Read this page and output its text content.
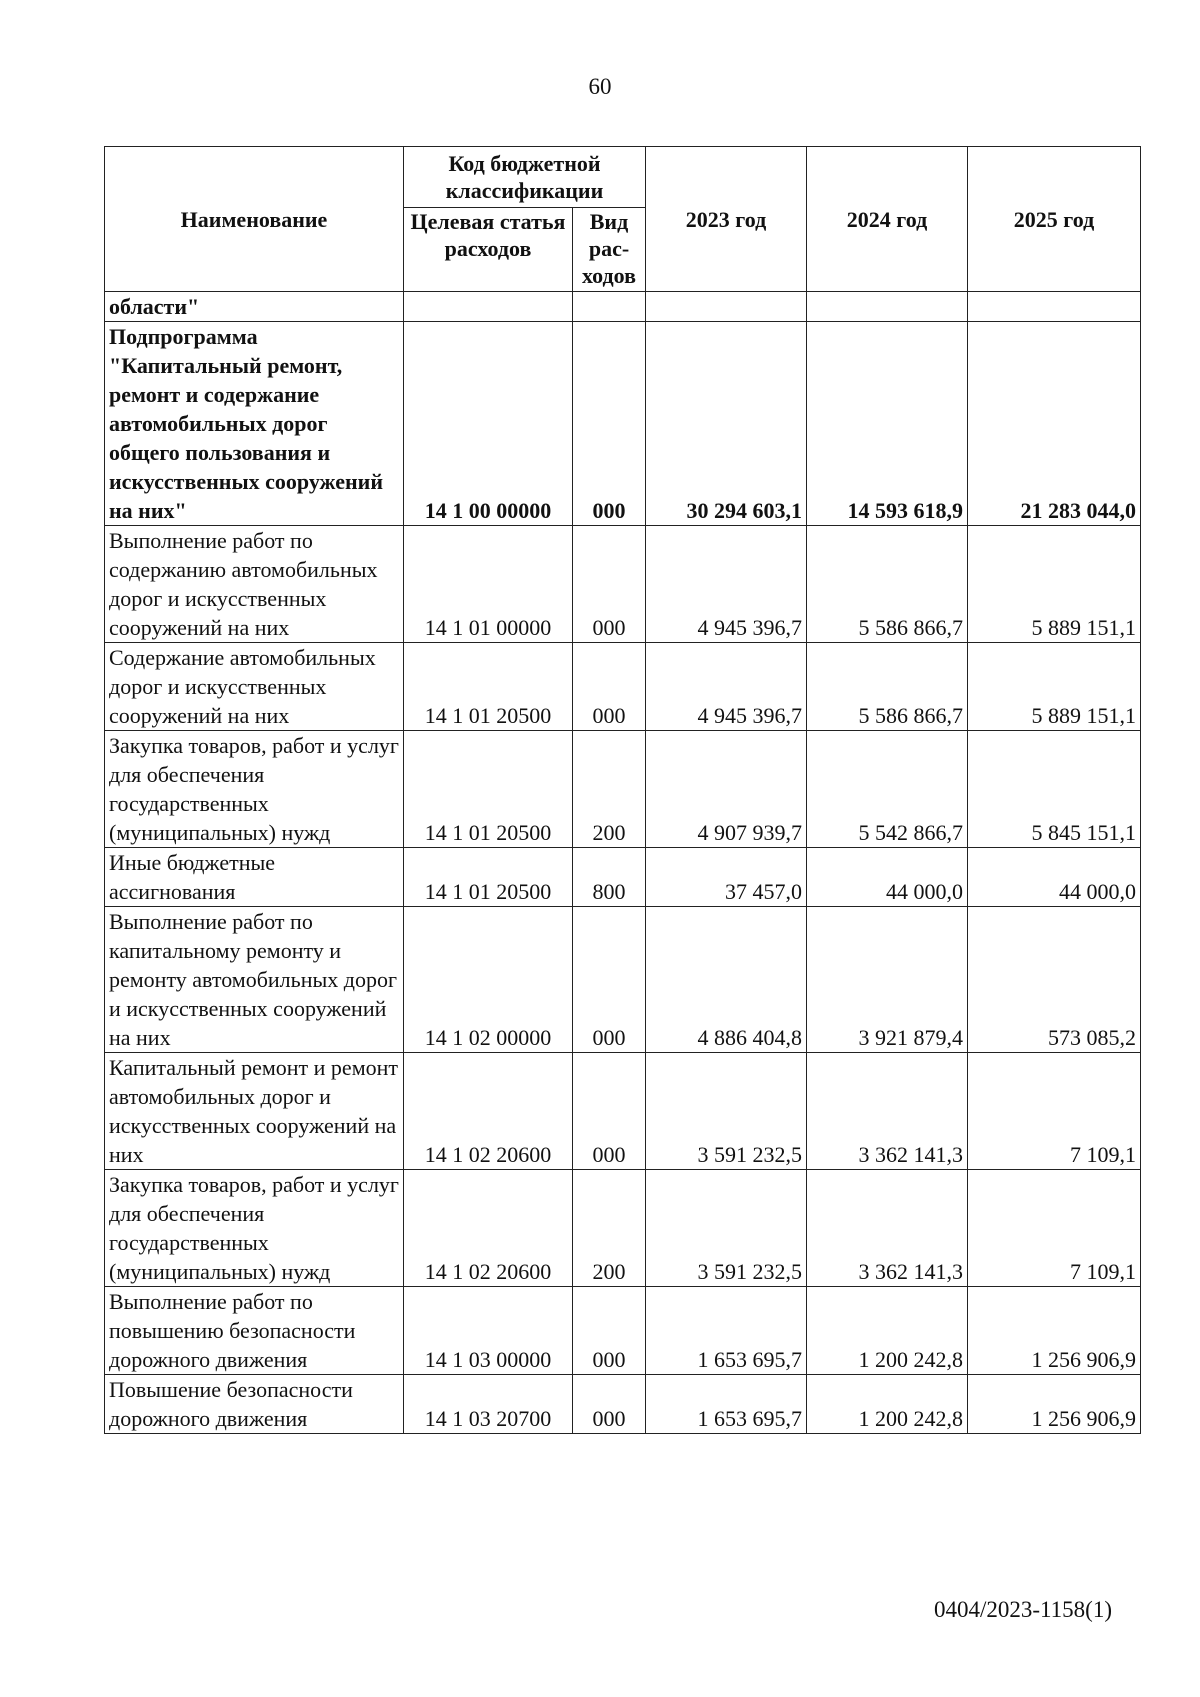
60
Наименование	Код бюджетной классификации		2023 год	2024 год	2025 год
	Целевая статья расходов	Вид рас-ходов			
области"					
Подпрограмма "Капитальный ремонт, ремонт и содержание автомобильных дорог общего пользования и искусственных сооружений на них"	14 1 00 00000	000	30 294 603,1	14 593 618,9	21 283 044,0
Выполнение работ по содержанию автомобильных дорог и искусственных сооружений на них	14 1 01 00000	000	4 945 396,7	5 586 866,7	5 889 151,1
Содержание автомобильных дорог и искусственных сооружений на них	14 1 01 20500	000	4 945 396,7	5 586 866,7	5 889 151,1
Закупка товаров, работ и услуг для обеспечения государственных (муниципальных) нужд	14 1 01 20500	200	4 907 939,7	5 542 866,7	5 845 151,1
Иные бюджетные ассигнования	14 1 01 20500	800	37 457,0	44 000,0	44 000,0
Выполнение работ по капитальному ремонту и ремонту автомобильных дорог и искусственных сооружений на них	14 1 02 00000	000	4 886 404,8	3 921 879,4	573 085,2
Капитальный ремонт и ремонт автомобильных дорог и искусственных сооружений на них	14 1 02 20600	000	3 591 232,5	3 362 141,3	7 109,1
Закупка товаров, работ и услуг для обеспечения государственных (муниципальных) нужд	14 1 02 20600	200	3 591 232,5	3 362 141,3	7 109,1
Выполнение работ по повышению безопасности дорожного движения	14 1 03 00000	000	1 653 695,7	1 200 242,8	1 256 906,9
Повышение безопасности дорожного движения	14 1 03 20700	000	1 653 695,7	1 200 242,8	1 256 906,9
0404/2023-1158(1)
